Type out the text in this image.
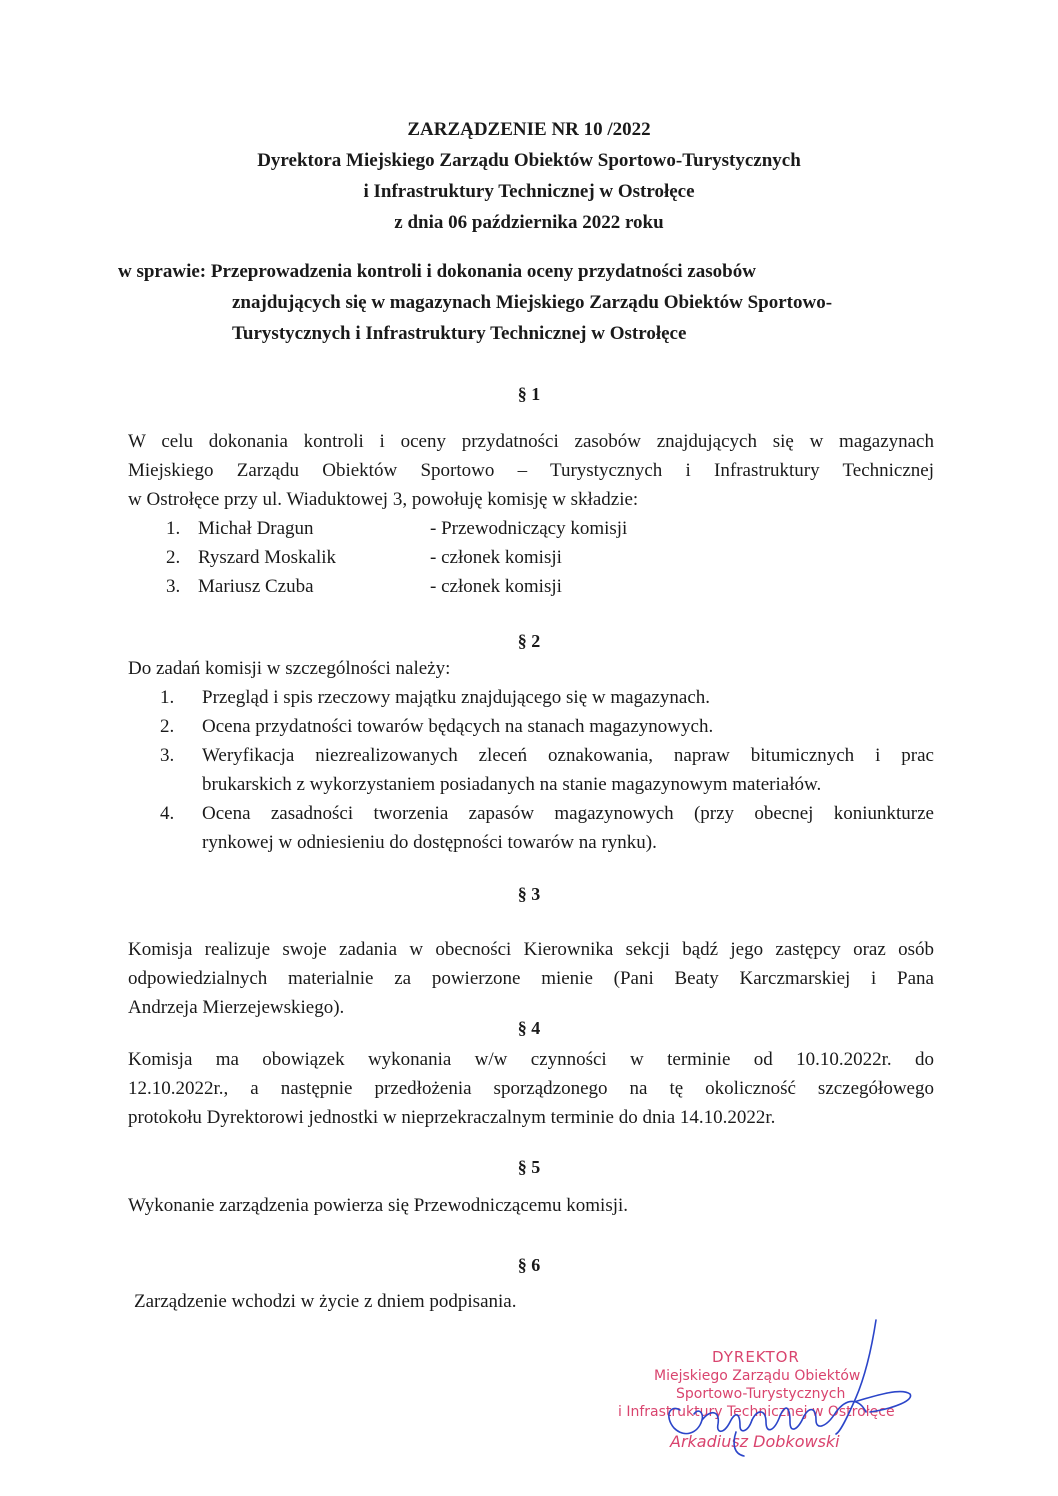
ZARZĄDZENIE NR 10 /2022
Dyrektora Miejskiego Zarządu Obiektów Sportowo-Turystycznych
i Infrastruktury Technicznej w Ostrołęce
z dnia 06 października 2022 roku
w sprawie: Przeprowadzenia kontroli i dokonania oceny przydatności zasobów
znajdujących się w magazynach Miejskiego Zarządu Obiektów Sportowo-
Turystycznych i Infrastruktury Technicznej w Ostrołęce
§ 1
W celu dokonania kontroli i oceny przydatności zasobów znajdujących się w magazynach
Miejskiego Zarządu Obiektów Sportowo – Turystycznych i Infrastruktury Technicznej
w Ostrołęce przy ul. Wiaduktowej 3, powołuję komisję w składzie:
1. Michał Dragun	- Przewodniczący komisji
2. Ryszard Moskalik	- członek komisji
3. Mariusz Czuba	- członek komisji
§ 2
Do zadań komisji w szczególności należy:
1.	Przegląd i spis rzeczowy majątku znajdującego się w magazynach.
2.	Ocena przydatności towarów będących na stanach magazynowych.
3.	Weryfikacja niezrealizowanych zleceń oznakowania, napraw bitumicznych i prac
brukarskich z wykorzystaniem posiadanych na stanie magazynowym materiałów.
4.	Ocena zasadności tworzenia zapasów magazynowych (przy obecnej koniunkturze
rynkowej w odniesieniu do dostępności towarów na rynku).
§ 3
Komisja realizuje swoje zadania w obecności Kierownika sekcji bądź jego zastępcy oraz osób
odpowiedzialnych materialnie za powierzone mienie (Pani Beaty Karczmarskiej i Pana
Andrzeja Mierzejewskiego).
§ 4
Komisja ma obowiązek wykonania w/w czynności w terminie od 10.10.2022r. do
12.10.2022r., a następnie przedłożenia sporządzonego na tę okoliczność szczegółowego
protokołu Dyrektorowi jednostki w nieprzekraczalnym terminie do dnia 14.10.2022r.
§ 5
Wykonanie zarządzenia powierza się Przewodniczącemu komisji.
§ 6
Zarządzenie wchodzi w życie z dniem podpisania.
DYREKTOR
Miejskiego Zarządu Obiektów
Sportowo-Turystycznych
i Infrastruktury Technicznej w Ostrołęce
Arkadiusz Dobkowski
